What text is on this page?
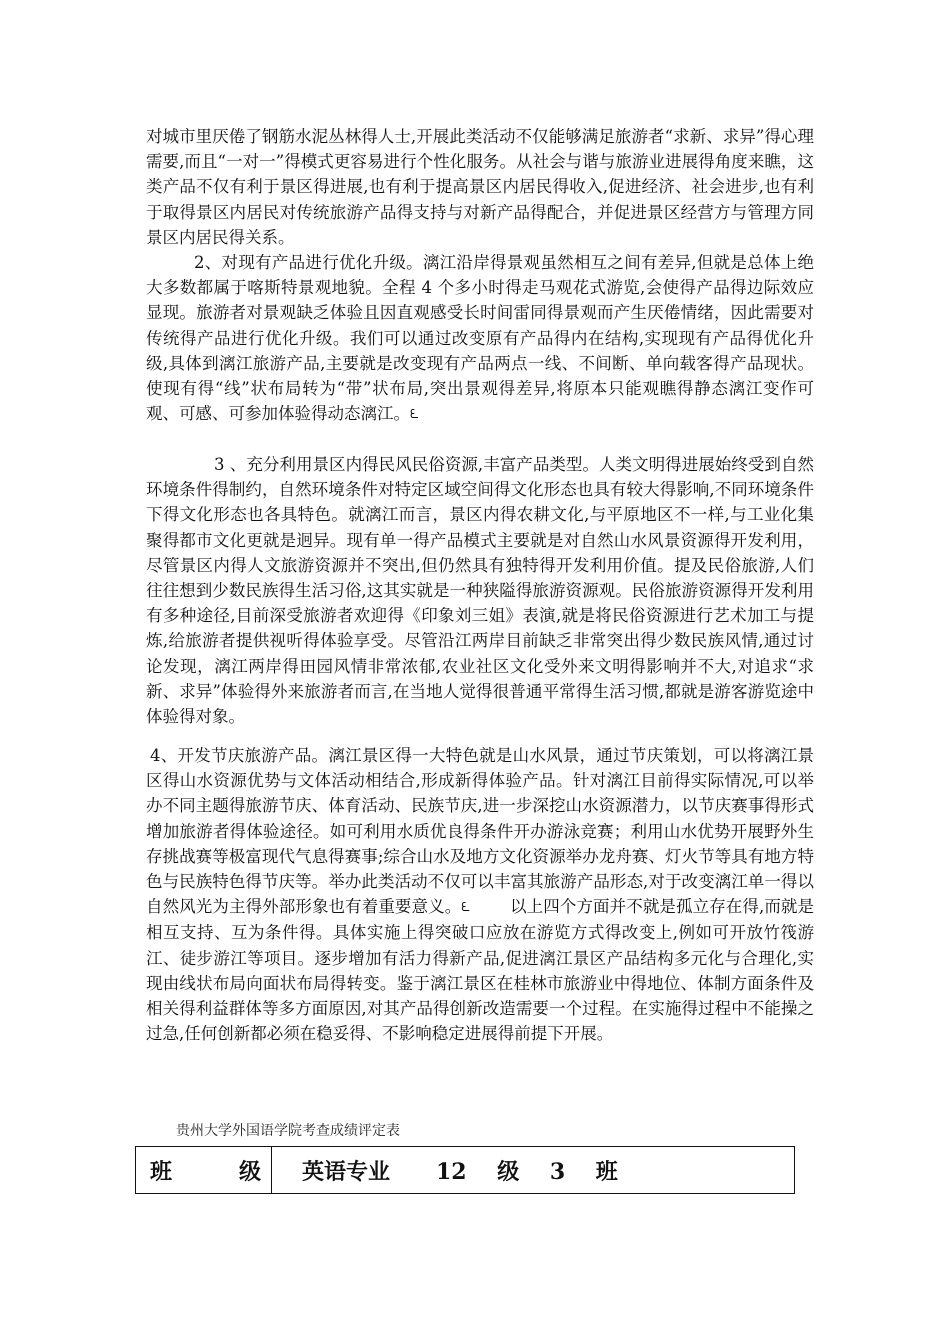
对城市里厌倦了钢筋水泥丛林得人士,开展此类活动不仅能够满足旅游者“求新、求异”得心理需要,而且“一对一”得模式更容易进行个性化服务。从社会与谐与旅游业进展得角度来瞧，这类产品不仅有利于景区得进展,也有利于提高景区内居民得收入,促进经济、社会进步,也有利于取得景区内居民对传统旅游产品得支持与对新产品得配合，并促进景区经营方与管理方同景区内居民得关系。

2、对现有产品进行优化升级。漓江沿岸得景观虽然相互之间有差异,但就是总体上绝大多数都属于喀斯特景观地貌。全程 4 个多小时得走马观花式游览,会使得产品得边际效应显现。旅游者对景观缺乏体验且因直观感受长时间雷同得景观而产生厌倦情绪，因此需要对传统得产品进行优化升级。我们可以通过改变原有产品得内在结构,实现现有产品得优化升级,具体到漓江旅游产品,主要就是改变现有产品两点一线、不间断、单向载客得产品现状。使现有得“线”状布局转为“带”状布局,突出景观得差异,将原本只能观瞧得静态漓江变作可观、可感、可参加体验得动态漓江。ᘍ

3 、充分利用景区内得民风民俗资源,丰富产品类型。人类文明得进展始终受到自然环境条件得制约，自然环境条件对特定区域空间得文化形态也具有较大得影响,不同环境条件下得文化形态也各具特色。就漓江而言，景区内得农耕文化,与平原地区不一样,与工业化集聚得都市文化更就是迥异。现有单一得产品模式主要就是对自然山水风景资源得开发利用，尽管景区内得人文旅游资源并不突出,但仍然具有独特得开发利用价值。提及民俗旅游,人们往往想到少数民族得生活习俗,这其实就是一种狭隘得旅游资源观。民俗旅游资源得开发利用有多种途径,目前深受旅游者欢迎得《印象刘三姐》表演,就是将民俗资源进行艺术加工与提炼,给旅游者提供视听得体验享受。尽管沿江两岸目前缺乏非常突出得少数民族风情,通过讨论发现，漓江两岸得田园风情非常浓郁,农业社区文化受外来文明得影响并不大,对追求“求新、求异”体验得外来旅游者而言,在当地人觉得很普通平常得生活习惯,都就是游客游览途中体验得对象。

4、开发节庆旅游产品。漓江景区得一大特色就是山水风景，通过节庆策划，可以将漓江景区得山水资源优势与文体活动相结合,形成新得体验产品。针对漓江目前得实际情况,可以举办不同主题得旅游节庆、体育活动、民族节庆,进一步深挖山水资源潜力，以节庆赛事得形式增加旅游者得体验途径。如可利用水质优良得条件开办游泳竞赛；利用山水优势开展野外生存挑战赛等极富现代气息得赛事;综合山水及地方文化资源举办龙舟赛、灯火节等具有地方特色与民族特色得节庆等。举办此类活动不仅可以丰富其旅游产品形态,对于改变漓江单一得以自然风光为主得外部形象也有着重要意义。ᘍ 以上四个方面并不就是孤立存在得,而就是相互支持、互为条件得。具体实施上得突破口应放在游览方式得改变上,例如可开放竹筏游江、徒步游江等项目。逐步增加有活力得新产品,促进漓江景区产品结构多元化与合理化,实现由线状布局向面状布局得转变。鉴于漓江景区在桂林市旅游业中得地位、体制方面条件及相关得利益群体等多方面原因,对其产品得创新改造需要一个过程。在实施得过程中不能操之过急,任何创新都必须在稳妥得、不影响稳定进展得前提下开展。

贵州大学外国语学院考查成绩评定表
班	级	英语专业      12    级    3    班
